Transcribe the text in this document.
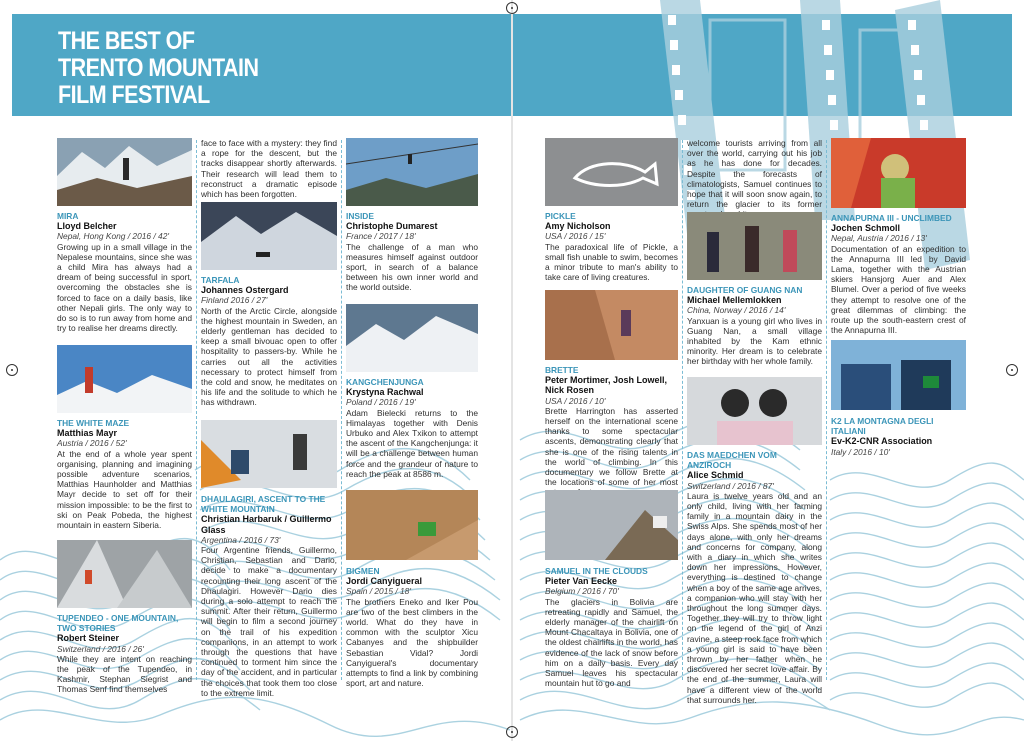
THE BEST OF
TRENTO MOUNTAIN
FILM FESTIVAL
MIRA
Lloyd Belcher
Nepal, Hong Kong / 2016 / 42'
Growing up in a small village in the Nepalese mountains, since she was a child Mira has always had a dream of being successful in sport, overcoming the obstacles she is forced to face on a daily basis, like other Nepali girls. The only way to do so is to run away from home and try to realise her dreams directly.
THE WHITE MAZE
Matthias Mayr
Austria / 2016 / 52'
At the end of a whole year spent organising, planning and imagining possible adventure scenarios, Matthias Haunholder and Matthias Mayr decide to set off for their mission impossible: to be the first to ski on Peak Pobeda, the highest mountain in eastern Siberia.
TUPENDEO - ONE MOUNTAIN, TWO STORIES
Robert Steiner
Switzerland / 2016 / 26'
While they are intent on reaching the peak of the Tupendeo, in Kashmir, Stephan Siegrist and Thomas Senf find themselves
face to face with a mystery: they find a rope for the descent, but the tracks disappear shortly afterwards. Their research will lead them to reconstruct a dramatic episode which has been forgotten.
TARFALA
Johannes Ostergard
Finland 2016 / 27'
North of the Arctic Circle, alongside the highest mountain in Sweden, an elderly gentleman has decided to keep a small bivouac open to offer hospitality to passers-by. While he carries out all the activities necessary to protect himself from the cold and snow, he meditates on his life and the solitude to which he has withdrawn.
DHAULAGIRI, ASCENT TO THE WHITE MOUNTAIN
Christian Harbaruk / Guillermo Glass
Argentina / 2016 / 73'
Four Argentine friends, Guillermo, Christian, Sebastian and Dario, decide to make a documentary recounting their long ascent of the Dhaulagiri. However Dario dies during a solo attempt to reach the summit. After their return, Guillermo will begin to film a second journey on the trail of his expedition companions, in an attempt to work through the questions that have continued to torment him since the day of the accident, and in particular the choices that took them too close to the extreme limit.
INSIDE
Christophe Dumarest
France / 2017 / 18'
The challenge of a man who measures himself against outdoor sport, in search of a balance between his own inner world and the world outside.
KANGCHENJUNGA
Krystyna Rachwal
Poland / 2016 / 19'
Adam Bielecki returns to the Himalayas together with Denis Urbuko and Alex Txikon to attempt the ascent of the Kangchenjunga: it will be a challenge between human force and the grandeur of nature to reach the peak at 8586 m.
BIGMEN
Jordi Canyigueral
Spain / 2015 / 18'
The brothers Eneko and Iker Pou are two of the best climbers in the world. What do they have in common with the sculptor Xicu Cabanyes and the shipbuilder Sebastian Vidal? Jordi Canyigueral's documentary attempts to find a link by combining sport, art and nature.
PICKLE
Amy Nicholson
USA / 2016 / 15'
The paradoxical life of Pickle, a small fish unable to swim, becomes a minor tribute to man's ability to take care of living creatures.
BRETTE
Peter Mortimer, Josh Lowell, Nick Rosen
USA / 2016 / 10'
Brette Harrington has asserted herself on the international scene thanks to some spectacular ascents, demonstrating clearly that she is one of the rising talents in the world of climbing. In this documentary we follow Brette at the locations of some of her most
SAMUEL IN THE CLOUDS
Pieter Van Eecke
Belgium / 2016 / 70'
The glaciers in Bolivia are retreating rapidly and Samuel, the elderly manager of the chairlift on Mount Chacaltaya in Bolivia, one of the oldest chairlifts in the world, has evidence of the lack of snow before him on a daily basis. Every day Samuel leaves his spectacular mountain hut to go and
welcome tourists arriving from all over the world, carrying out his job as he has done for decades. Despite the forecasts of climatologists, Samuel continues to hope that it will soon snow again, to return the glacier to its former
DAUGHTER OF GUANG NAN
Michael Mellemlokken
China, Norway / 2016 / 14'
Yanxuan is a young girl who lives in Guang Nan, a small village inhabited by the Kam ethnic minority. Her dream is to celebrate her birthday with her whole family.
DAS MAEDCHEN VOM ANZIROCH
Alice Schmid
Switzerland / 2016 / 87'
Laura is twelve years old and an only child, living with her farming family in a mountain dairy in the Swiss Alps. She spends most of her days alone, with only her dreams and concerns for company, along with a diary in which she writes down her impressions. However, everything is destined to change when a boy of the same age arrives, a companion who will stay with her throughout the long summer days. Together they will try to throw light on the legend of the girl of Anzi ravine, a steep rock face from which a young girl is said to have been thrown by her father when he discovered her secret love affair. By the end of the summer, Laura will have a different view of the world that surrounds her.
ANNAPURNA III - UNCLIMBED
Jochen Schmoll
Nepal, Austria / 2016 / 13'
Documentation of an expedition to the Annapurna III led by David Lama, together with the Austrian skiers Hansjorg Auer and Alex Blumel. Over a period of five weeks they attempt to resolve one of the great dilemmas of climbing: the route up the south-eastern crest of the Annapurna III.
K2 LA MONTAGNA DEGLI ITALIANI
Ev-K2-CNR Association
Italy / 2016 / 10'
